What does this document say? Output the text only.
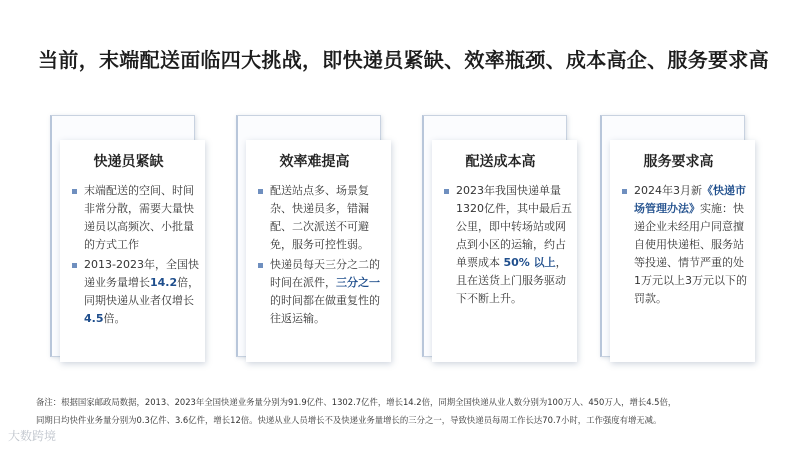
当前，末端配送面临四大挑战，即快递员紧缺、效率瓶颈、成本高企、服务要求高
快递员紧缺
末端配送的空间、时间非常分散，需要大量快递员以高频次、小批量的方式工作
2013-2023年，全国快递业务量增长14.2倍，同期快递从业者仅增长4.5倍。
效率难提高
配送站点多、场景复杂、快递员多，错漏配、二次派送不可避免，服务可控性弱。
快递员每天三分之二的时间在派件，三分之一的时间都在做重复性的往返运输。
配送成本高
2023年我国快递单量1320亿件，其中最后五公里，即中转场站或网点到小区的运输，约占单票成本 50% 以上，且在送货上门服务驱动下不断上升。
服务要求高
2024年3月新《快递市场管理办法》实施：快递企业未经用户同意擅自使用快递柜、服务站等投递、情节严重的处1万元以上3万元以下的罚款。
备注：根据国家邮政局数据，2013、2023年全国快递业务量分别为91.9亿件、1302.7亿件，增长14.2倍，同期全国快递从业人数分别为100万人、450万人，增长4.5倍，
同期日均快件业务量分别为0.3亿件、3.6亿件，增长12倍。快递从业人员增长不及快递业务量增长的三分之一，导致快递员每周工作长达70.7小时，工作强度有增无减。
大数跨境
